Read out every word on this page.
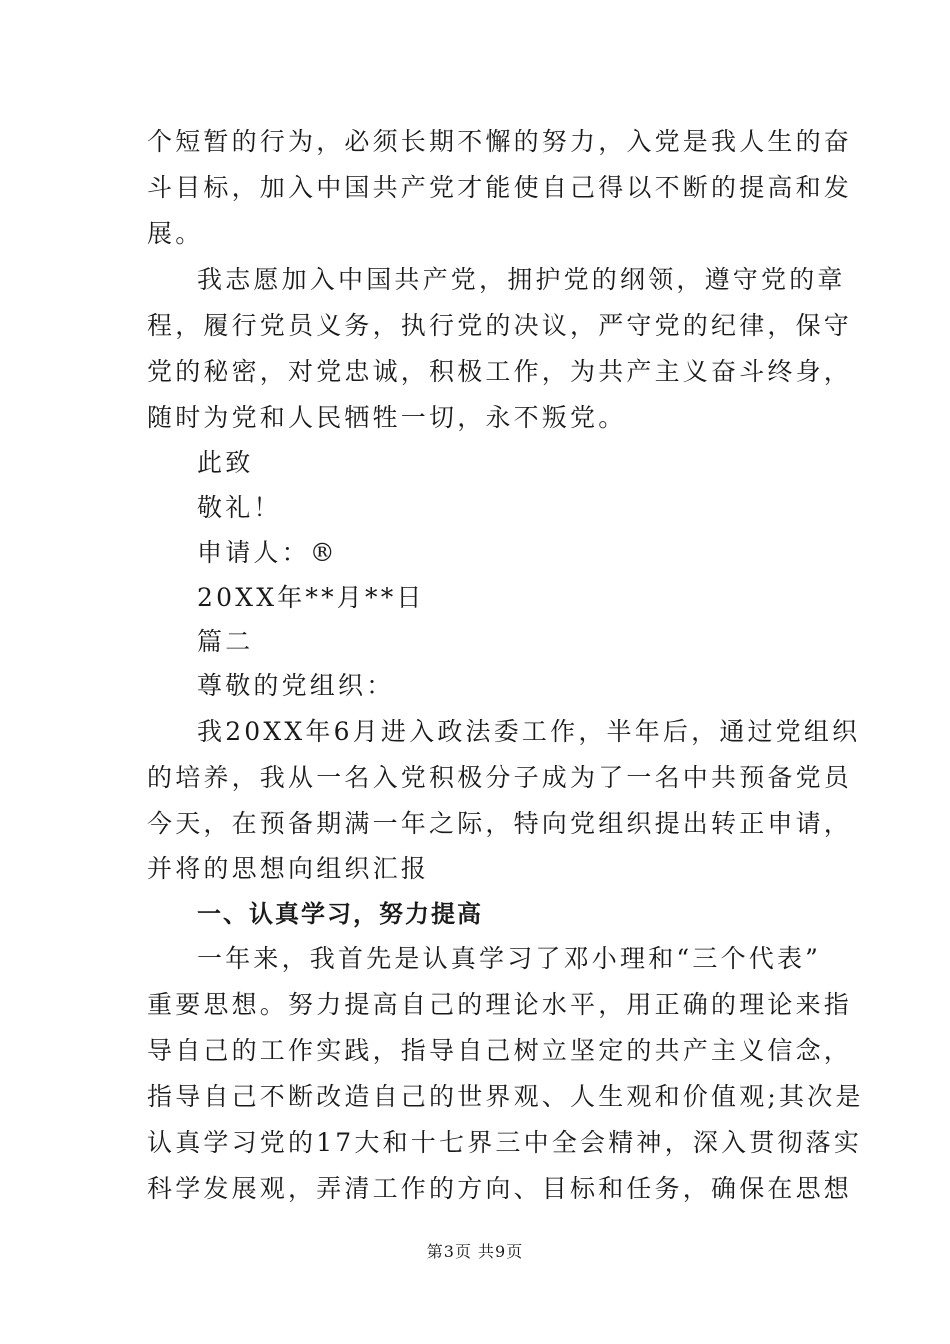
个短暂的行为，必须长期不懈的努力，入党是我人生的奋
斗目标，加入中国共产党才能使自己得以不断的提高和发
展。
我志愿加入中国共产党，拥护党的纲领，遵守党的章
程，履行党员义务，执行党的决议，严守党的纪律，保守
党的秘密，对党忠诚，积极工作，为共产主义奋斗终身，
随时为党和人民牺牲一切，永不叛党。
此致
敬礼！
申请人：®
20XX年**月**日
篇二
尊敬的党组织：
我20XX年6月进入政法委工作，半年后，通过党组织
的培养，我从一名入党积极分子成为了一名中共预备党员
今天，在预备期满一年之际，特向党组织提出转正申请，
并将的思想向组织汇报
一、认真学习，努力提高
一年来，我首先是认真学习了邓小理和“三个代表”
重要思想。努力提高自己的理论水平，用正确的理论来指
导自己的工作实践，指导自己树立坚定的共产主义信念，
指导自己不断改造自己的世界观、人生观和价值观;其次是
认真学习党的17大和十七界三中全会精神，深入贯彻落实
科学发展观，弄清工作的方向、目标和任务，确保在思想
第3页 共9页
